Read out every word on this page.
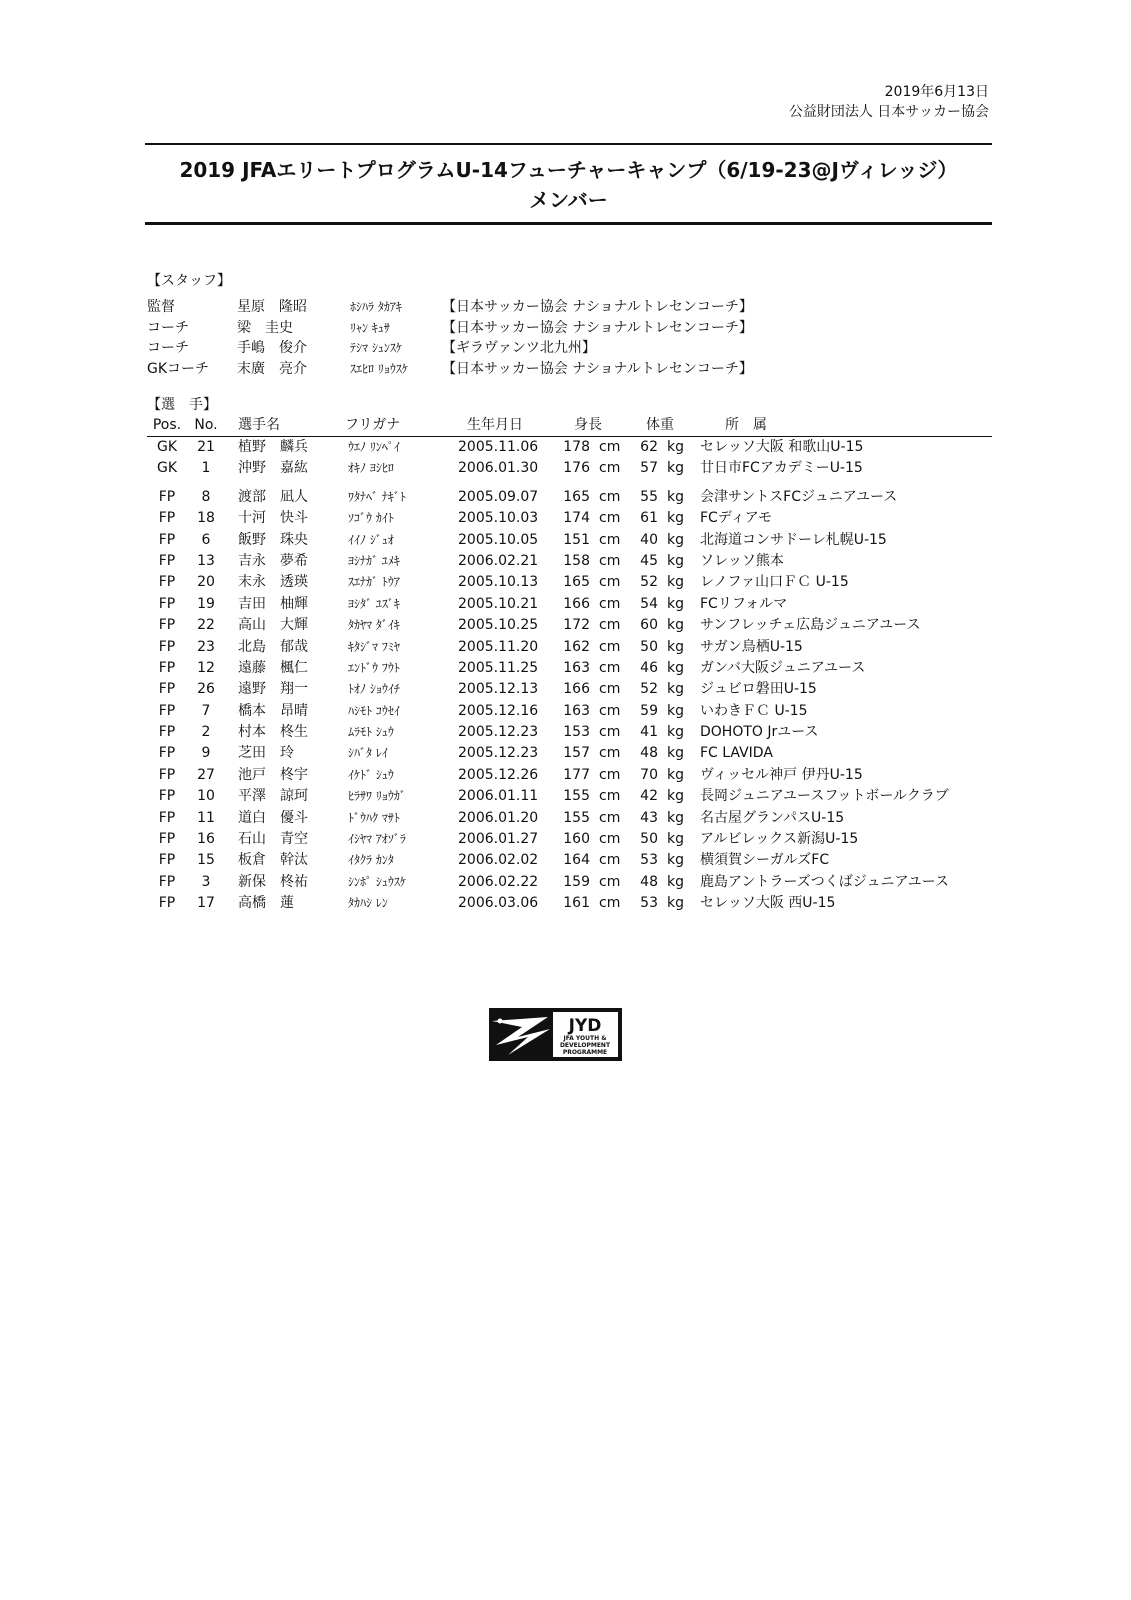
2019年6月13日
公益財団法人 日本サッカー協会
2019 JFAエリートプログラムU-14フューチャーキャンプ（6/19-23@Jヴィレッジ）
メンバー
【スタッフ】
監督	星原　隆昭	ﾎｼﾊﾗ ﾀｶｱｷ	【日本サッカー協会 ナショナルトレセンコーチ】
コーチ	梁　圭史	ﾘｬﾝ ｷｭｻ	【日本サッカー協会 ナショナルトレセンコーチ】
コーチ	手嶋　俊介	ﾃｼﾏ ｼｭﾝｽｹ	【ギラヴァンツ北九州】
GKコーチ 末廣　亮介	ｽｴﾋﾛ ﾘｮｳｽｹ 【日本サッカー協会 ナショナルトレセンコーチ】
【選　手】
Pos. No.	選手名	フリガナ	生年月日	身長	体重	所　属
GK	21	植野　麟兵	ｳｴﾉ ﾘﾝﾍﾟｲ	2005.11.06 178 cm	62 kg セレッソ大阪 和歌山U-15
GK	1	沖野　嘉紘	ｵｷﾉ ﾖｼﾋﾛ	2006.01.30 176 cm	57 kg 廿日市FCアカデミーU-15
FP	8	渡部　凪人	ﾜﾀﾅﾍﾞ ﾅｷﾞﾄ	2005.09.07 165 cm	55 kg 会津サントスFCジュニアユース
FP	18	十河　快斗	ｿｺﾞｳ ｶｲﾄ	2005.10.03 174 cm	61 kg FCディアモ
FP	6	飯野　珠央	ｲｲﾉ ｼﾞｭｵ	2005.10.05 151 cm	40 kg 北海道コンサドーレ札幌U-15
FP	13	吉永　夢希	ﾖｼﾅｶﾞ ﾕﾒｷ	2006.02.21 158 cm	45 kg ソレッソ熊本
FP	20	末永　透瑛	ｽｴﾅｶﾞ ﾄｳｱ	2005.10.13 165 cm	52 kg レノファ山口ＦＣ U-15
FP	19	吉田　柚輝	ﾖｼﾀﾞ ﾕｽﾞｷ	2005.10.21 166 cm	54 kg FCリフォルマ
FP	22	高山　大輝	ﾀｶﾔﾏ ﾀﾞｲｷ	2005.10.25 172 cm	60 kg サンフレッチェ広島ジュニアユース
FP	23	北島　郁哉	ｷﾀｼﾞﾏ ﾌﾐﾔ	2005.11.20 162 cm	50 kg サガン鳥栖U-15
FP	12	遠藤　楓仁	ｴﾝﾄﾞｳ ﾌｳﾄ	2005.11.25 163 cm	46 kg ガンバ大阪ジュニアユース
FP	26	遠野　翔一	ﾄｵﾉ ｼｮｳｲﾁ	2005.12.13 166 cm	52 kg ジュビロ磐田U-15
FP	7	橋本　昂晴	ﾊｼﾓﾄ ｺｳｾｲ	2005.12.16 163 cm	59 kg いわきＦＣ U-15
FP	2	村本　柊生	ﾑﾗﾓﾄ ｼｭｳ	2005.12.23 153 cm	41 kg DOHOTO Jrユース
FP	9	芝田　玲	ｼﾊﾞﾀ ﾚｲ	2005.12.23 157 cm	48 kg FC LAVIDA
FP	27	池戸　柊宇	ｲｹﾄﾞ ｼｭｳ	2005.12.26 177 cm	70 kg ヴィッセル神戸 伊丹U-15
FP	10	平澤　諒珂	ﾋﾗｻﾜ ﾘｮｳｶﾞ	2006.01.11 155 cm	42 kg 長岡ジュニアユースフットボールクラブ
FP	11	道白　優斗	ﾄﾞｳﾊｸ ﾏｻﾄ	2006.01.20 155 cm	43 kg 名古屋グランパスU-15
FP	16	石山　青空	ｲｼﾔﾏ ｱｵｿﾞﾗ	2006.01.27 160 cm	50 kg アルビレックス新潟U-15
FP	15	板倉　幹汰	ｲﾀｸﾗ ｶﾝﾀ	2006.02.02 164 cm	53 kg 横須賀シーガルズFC
FP	3	新保　柊祐	ｼﾝﾎﾟ ｼｭｳｽｹ	2006.02.22 159 cm	48 kg 鹿島アントラーズつくばジュニアユース
FP	17	高橋　蓮	ﾀｶﾊｼ ﾚﾝ	2006.03.06 161 cm	53 kg セレッソ大阪 西U-15
JYD
JFA YOUTH &
DEVELOPMENT
PROGRAMME
